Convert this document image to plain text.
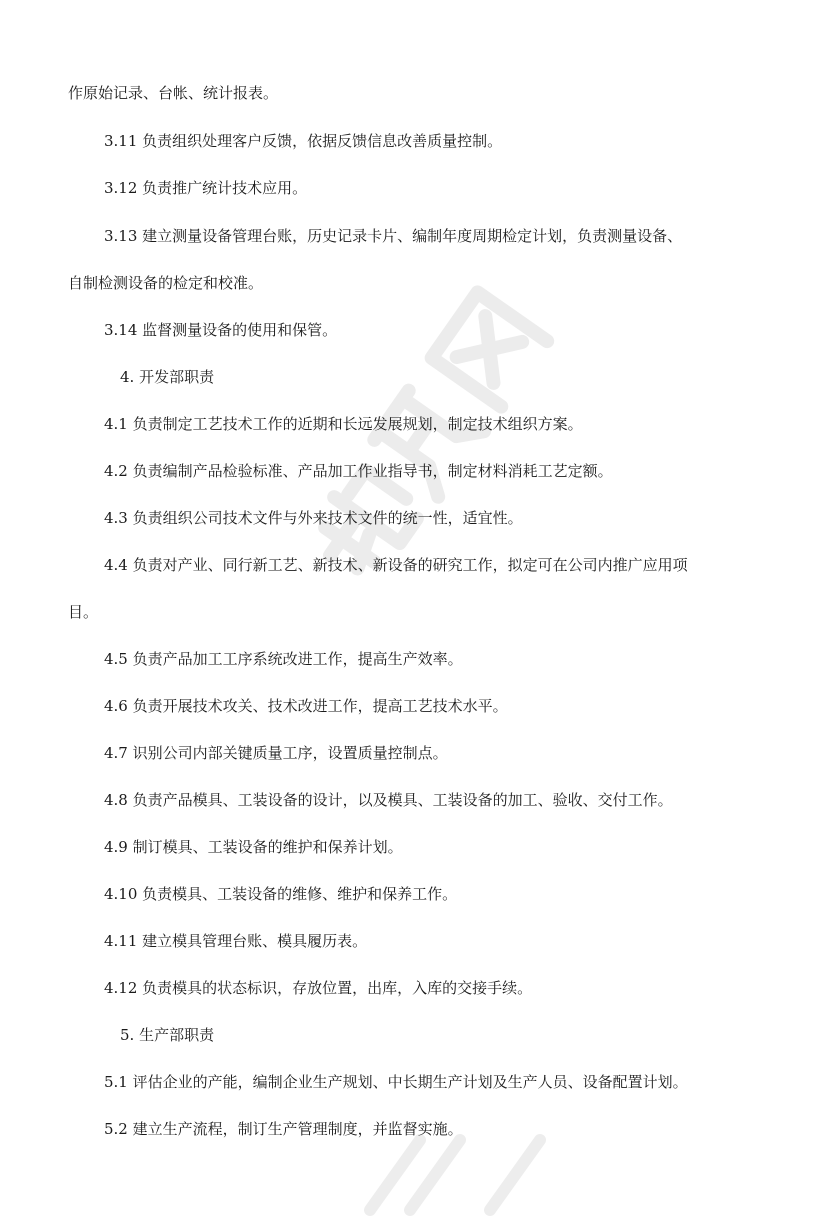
作原始记录、台帐、统计报表。
3.11 负责组织处理客户反馈，依据反馈信息改善质量控制。
3.12 负责推广统计技术应用。
3.13 建立测量设备管理台账，历史记录卡片、编制年度周期检定计划，负责测量设备、
自制检测设备的检定和校准。
3.14 监督测量设备的使用和保管。
4. 开发部职责
4.1 负责制定工艺技术工作的近期和长远发展规划，制定技术组织方案。
4.2 负责编制产品检验标准、产品加工作业指导书，制定材料消耗工艺定额。
4.3 负责组织公司技术文件与外来技术文件的统一性，适宜性。
4.4 负责对产业、同行新工艺、新技术、新设备的研究工作，拟定可在公司内推广应用项
目。
4.5 负责产品加工工序系统改进工作，提高生产效率。
4.6 负责开展技术攻关、技术改进工作，提高工艺技术水平。
4.7 识别公司内部关键质量工序，设置质量控制点。
4.8 负责产品模具、工装设备的设计，以及模具、工装设备的加工、验收、交付工作。
4.9 制订模具、工装设备的维护和保养计划。
4.10 负责模具、工装设备的维修、维护和保养工作。
4.11 建立模具管理台账、模具履历表。
4.12 负责模具的状态标识，存放位置，出库，入库的交接手续。
5. 生产部职责
5.1 评估企业的产能，编制企业生产规划、中长期生产计划及生产人员、设备配置计划。
5.2 建立生产流程，制订生产管理制度，并监督实施。
